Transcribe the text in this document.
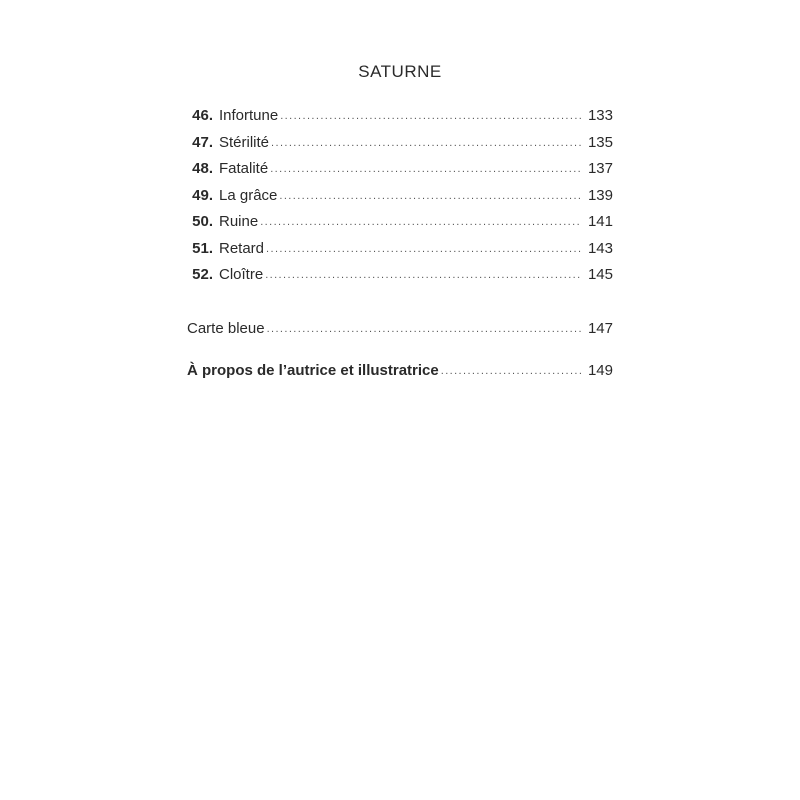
SATURNE
46. Infortune .....	133
47. Stérilité .....	135
48. Fatalité .....	137
49. La grâce .....	139
50. Ruine .....	141
51. Retard .....	143
52. Cloître .....	145
Carte bleue .....	147
À propos de l’autrice et illustratrice .....	149
